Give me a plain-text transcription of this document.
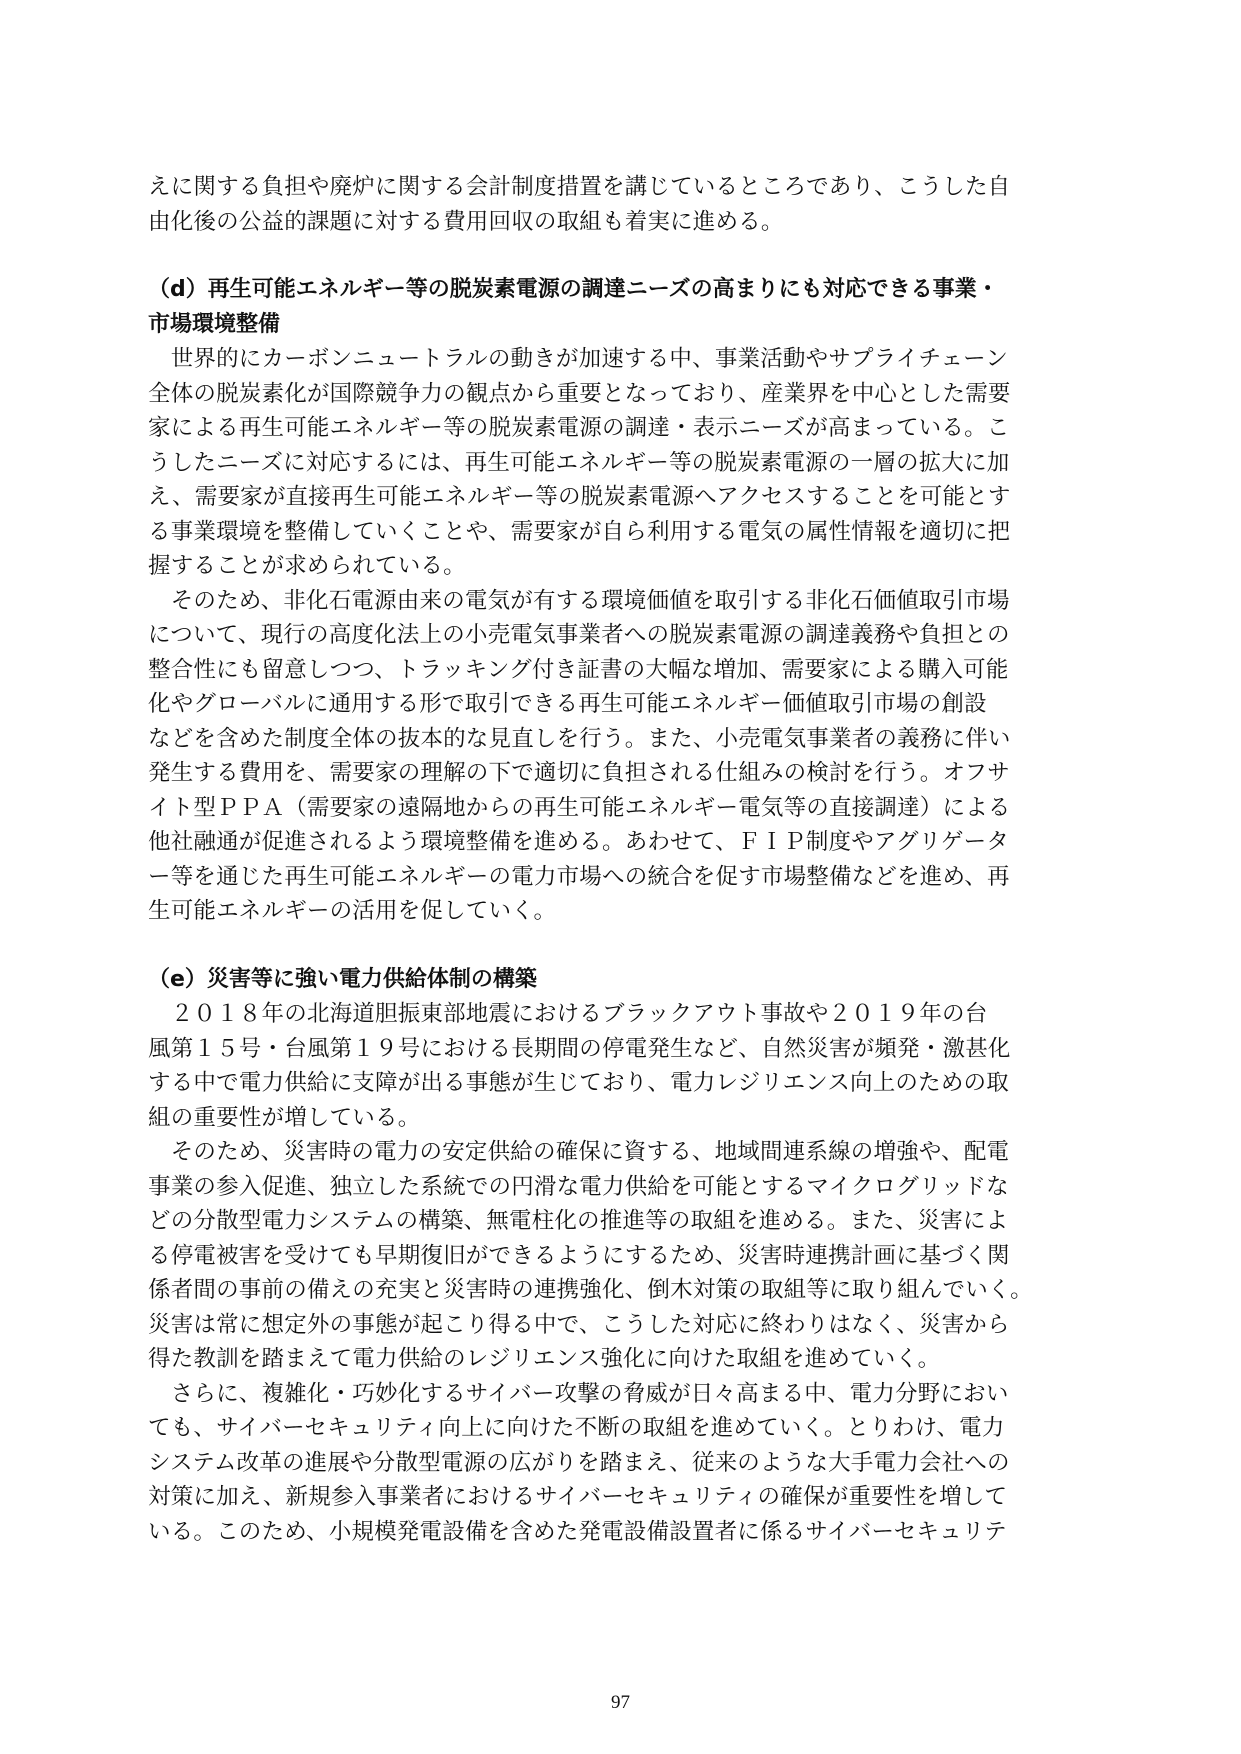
えに関する負担や廃炉に関する会計制度措置を講じているところであり、こうした自
由化後の公益的課題に対する費用回収の取組も着実に進める。
（d）再生可能エネルギー等の脱炭素電源の調達ニーズの高まりにも対応できる事業・
市場環境整備
　世界的にカーボンニュートラルの動きが加速する中、事業活動やサプライチェーン
全体の脱炭素化が国際競争力の観点から重要となっており、産業界を中心とした需要
家による再生可能エネルギー等の脱炭素電源の調達・表示ニーズが高まっている。こ
うしたニーズに対応するには、再生可能エネルギー等の脱炭素電源の一層の拡大に加
え、需要家が直接再生可能エネルギー等の脱炭素電源へアクセスすることを可能とす
る事業環境を整備していくことや、需要家が自ら利用する電気の属性情報を適切に把
握することが求められている。
　そのため、非化石電源由来の電気が有する環境価値を取引する非化石価値取引市場
について、現行の高度化法上の小売電気事業者への脱炭素電源の調達義務や負担との
整合性にも留意しつつ、トラッキング付き証書の大幅な増加、需要家による購入可能
化やグローバルに通用する形で取引できる再生可能エネルギー価値取引市場の創設
などを含めた制度全体の抜本的な見直しを行う。また、小売電気事業者の義務に伴い
発生する費用を、需要家の理解の下で適切に負担される仕組みの検討を行う。オフサ
イト型ＰＰＡ（需要家の遠隔地からの再生可能エネルギー電気等の直接調達）による
他社融通が促進されるよう環境整備を進める。あわせて、ＦＩＰ制度やアグリゲータ
ー等を通じた再生可能エネルギーの電力市場への統合を促す市場整備などを進め、再
生可能エネルギーの活用を促していく。
（e）災害等に強い電力供給体制の構築
　２０１８年の北海道胆振東部地震におけるブラックアウト事故や２０１９年の台
風第１５号・台風第１９号における長期間の停電発生など、自然災害が頻発・激甚化
する中で電力供給に支障が出る事態が生じており、電力レジリエンス向上のための取
組の重要性が増している。
　そのため、災害時の電力の安定供給の確保に資する、地域間連系線の増強や、配電
事業の参入促進、独立した系統での円滑な電力供給を可能とするマイクログリッドな
どの分散型電力システムの構築、無電柱化の推進等の取組を進める。また、災害によ
る停電被害を受けても早期復旧ができるようにするため、災害時連携計画に基づく関
係者間の事前の備えの充実と災害時の連携強化、倒木対策の取組等に取り組んでいく。
災害は常に想定外の事態が起こり得る中で、こうした対応に終わりはなく、災害から
得た教訓を踏まえて電力供給のレジリエンス強化に向けた取組を進めていく。
　さらに、複雑化・巧妙化するサイバー攻撃の脅威が日々高まる中、電力分野におい
ても、サイバーセキュリティ向上に向けた不断の取組を進めていく。とりわけ、電力
システム改革の進展や分散型電源の広がりを踏まえ、従来のような大手電力会社への
対策に加え、新規参入事業者におけるサイバーセキュリティの確保が重要性を増して
いる。このため、小規模発電設備を含めた発電設備設置者に係るサイバーセキュリテ
97
